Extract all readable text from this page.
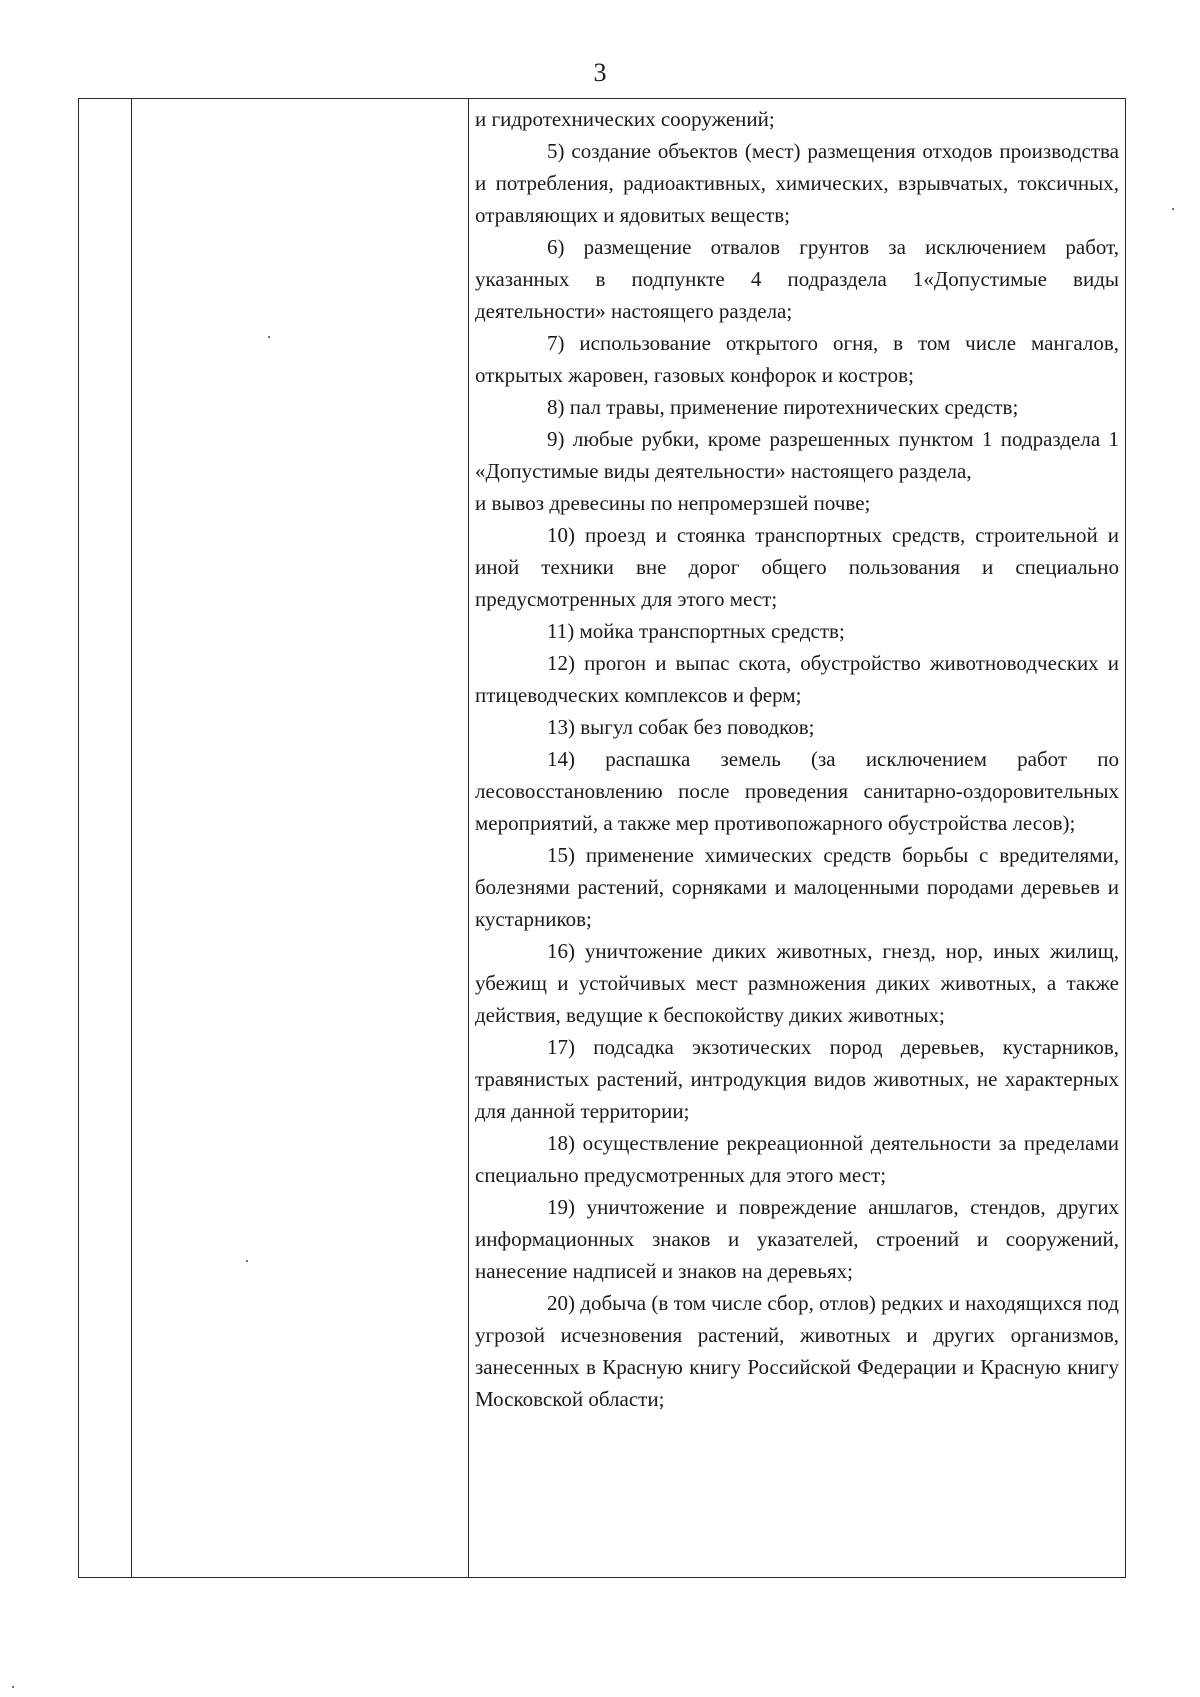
3

и гидротехнических сооружений;

5) создание объектов (мест) размещения отходов производства и потребления, радиоактивных, химических, взрывчатых, токсичных, отравляющих и ядовитых веществ;

6) размещение отвалов грунтов за исключением работ, указанных в подпункте 4 подраздела 1«Допустимые виды деятельности» настоящего раздела;

7) использование открытого огня, в том числе мангалов, открытых жаровен, газовых конфорок и костров;

8) пал травы, применение пиротехнических средств;

9) любые рубки, кроме разрешенных пунктом 1 подраздела 1 «Допустимые виды деятельности» настоящего раздела,

и вывоз древесины по непромерзшей почве;

10) проезд и стоянка транспортных средств, строительной и иной техники вне дорог общего пользования и специально предусмотренных для этого мест;

11) мойка транспортных средств;

12) прогон и выпас скота, обустройство животноводческих и птицеводческих комплексов и ферм;

13) выгул собак без поводков;

14) распашка земель (за исключением работ по лесовосстановлению после проведения санитарно-оздоровительных мероприятий, а также мер противопожарного обустройства лесов);

15) применение химических средств борьбы с вредителями, болезнями растений, сорняками и малоценными породами деревьев и кустарников;

16) уничтожение диких животных, гнезд, нор, иных жилищ, убежищ и устойчивых мест размножения диких животных, а также действия, ведущие к беспокойству диких животных;

17) подсадка экзотических пород деревьев, кустарников, травянистых растений, интродукция видов животных, не характерных для данной территории;

18) осуществление рекреационной деятельности за пределами специально предусмотренных для этого мест;

19) уничтожение и повреждение аншлагов, стендов, других информационных знаков и указателей, строений и сооружений, нанесение надписей и знаков на деревьях;

20) добыча (в том числе сбор, отлов) редких и находящихся под угрозой исчезновения растений, животных и других организмов, занесенных в Красную книгу Российской Федерации и Красную книгу Московской области;
